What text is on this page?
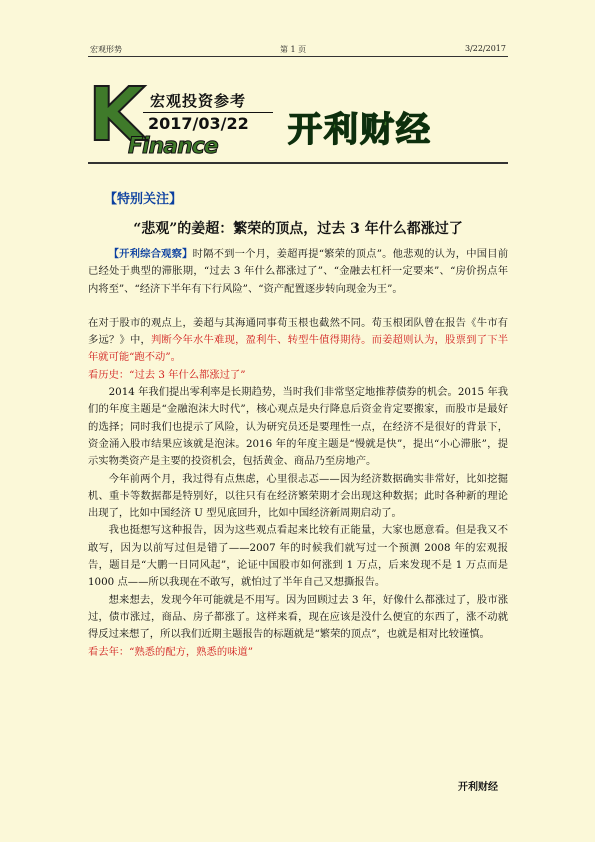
宏观形势	第 1 页	3/22/2017
K 宏观投资参考
2017/03/22
Finance 开利财经
【特别关注】
“悲观”的姜超：繁荣的顶点，过去 3 年什么都涨过了

【开利综合观察】时隔不到一个月，姜超再提“繁荣的顶点”。他悲观的认为，中国目前已经处于典型的滞胀期，“过去 3 年什么都涨过了”、“金融去杠杆一定要来”、“房价拐点年内将至”、“经济下半年有下行风险”、“资产配置逐步转向现金为王”。

在对于股市的观点上，姜超与其海通同事荀玉根也截然不同。荀玉根团队曾在报告《牛市有多远？》中，判断今年水牛难现，盈利牛、转型牛值得期待。而姜超则认为，股票到了下半年就可能“跑不动”。

看历史：“过去 3 年什么都涨过了”

2014 年我们提出零利率是长期趋势，当时我们非常坚定地推荐债券的机会。2015 年我们的年度主题是“金融泡沫大时代”，核心观点是央行降息后资金肯定要搬家，而股市是最好的选择；同时我们也提示了风险，认为研究员还是要理性一点，在经济不是很好的背景下，资金涌入股市结果应该就是泡沫。2016 年的年度主题是“慢就是快”，提出“小心滞胀”，提示实物类资产是主要的投资机会，包括黄金、商品乃至房地产。

今年前两个月，我过得有点焦虑，心里很忐忑——因为经济数据确实非常好，比如挖掘机、重卡等数据都是特别好，以往只有在经济繁荣期才会出现这种数据；此时各种新的理论出现了，比如中国经济 U 型见底回升，比如中国经济新周期启动了。

我也挺想写这种报告，因为这些观点看起来比较有正能量，大家也愿意看。但是我又不敢写，因为以前写过但是错了——2007 年的时候我们就写过一个预测 2008 年的宏观报告，题目是“大鹏一日同风起”，论证中国股市如何涨到 1 万点，后来发现不是 1 万点而是 1000 点——所以我现在不敢写，就怕过了半年自己又想撕报告。

想来想去，发现今年可能就是不用写。因为回顾过去 3 年，好像什么都涨过了，股市涨过，债市涨过，商品、房子都涨了。这样来看，现在应该是没什么便宜的东西了，涨不动就得反过来想了，所以我们近期主题报告的标题就是“繁荣的顶点”，也就是相对比较谨慎。

看去年：“熟悉的配方，熟悉的味道”

开利财经
